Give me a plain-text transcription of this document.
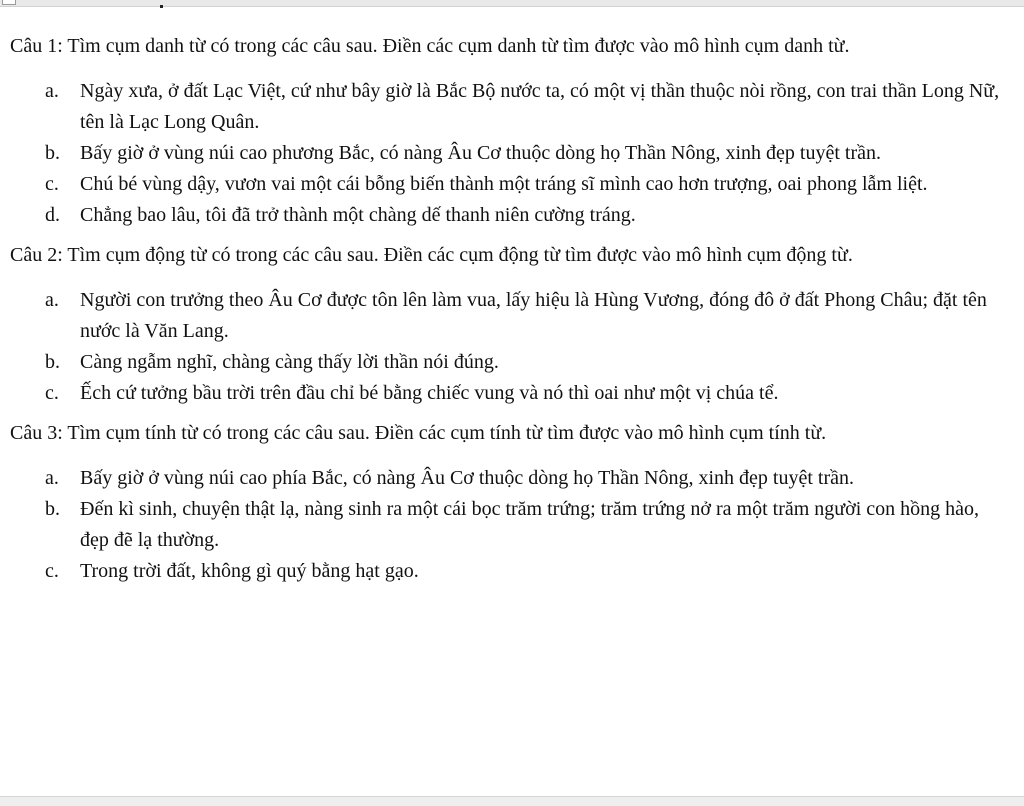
Câu 1: Tìm cụm danh từ có trong các câu sau. Điền các cụm danh từ tìm được vào mô hình cụm danh từ.

a. Ngày xưa, ở đất Lạc Việt, cứ như bây giờ là Bắc Bộ nước ta, có một vị thần thuộc nòi rồng, con trai thần Long Nữ, tên là Lạc Long Quân.
b. Bấy giờ ở vùng núi cao phương Bắc, có nàng Âu Cơ thuộc dòng họ Thần Nông, xinh đẹp tuyệt trần.
c. Chú bé vùng dậy, vươn vai một cái bỗng biến thành một tráng sĩ mình cao hơn trượng, oai phong lẫm liệt.
d. Chẳng bao lâu, tôi đã trở thành một chàng dế thanh niên cường tráng.

Câu 2: Tìm cụm động từ có trong các câu sau. Điền các cụm động từ tìm được vào mô hình cụm động từ.

a. Người con trưởng theo Âu Cơ được tôn lên làm vua, lấy hiệu là Hùng Vương, đóng đô ở đất Phong Châu; đặt tên nước là Văn Lang.
b. Càng ngẫm nghĩ, chàng càng thấy lời thần nói đúng.
c. Ếch cứ tưởng bầu trời trên đầu chỉ bé bằng chiếc vung và nó thì oai như một vị chúa tể.

Câu 3: Tìm cụm tính từ có trong các câu sau. Điền các cụm tính từ tìm được vào mô hình cụm tính từ.

a. Bấy giờ ở vùng núi cao phía Bắc, có nàng Âu Cơ thuộc dòng họ Thần Nông, xinh đẹp tuyệt trần.
b. Đến kì sinh, chuyện thật lạ, nàng sinh ra một cái bọc trăm trứng; trăm trứng nở ra một trăm người con hồng hào, đẹp đẽ lạ thường.
c. Trong trời đất, không gì quý bằng hạt gạo.
